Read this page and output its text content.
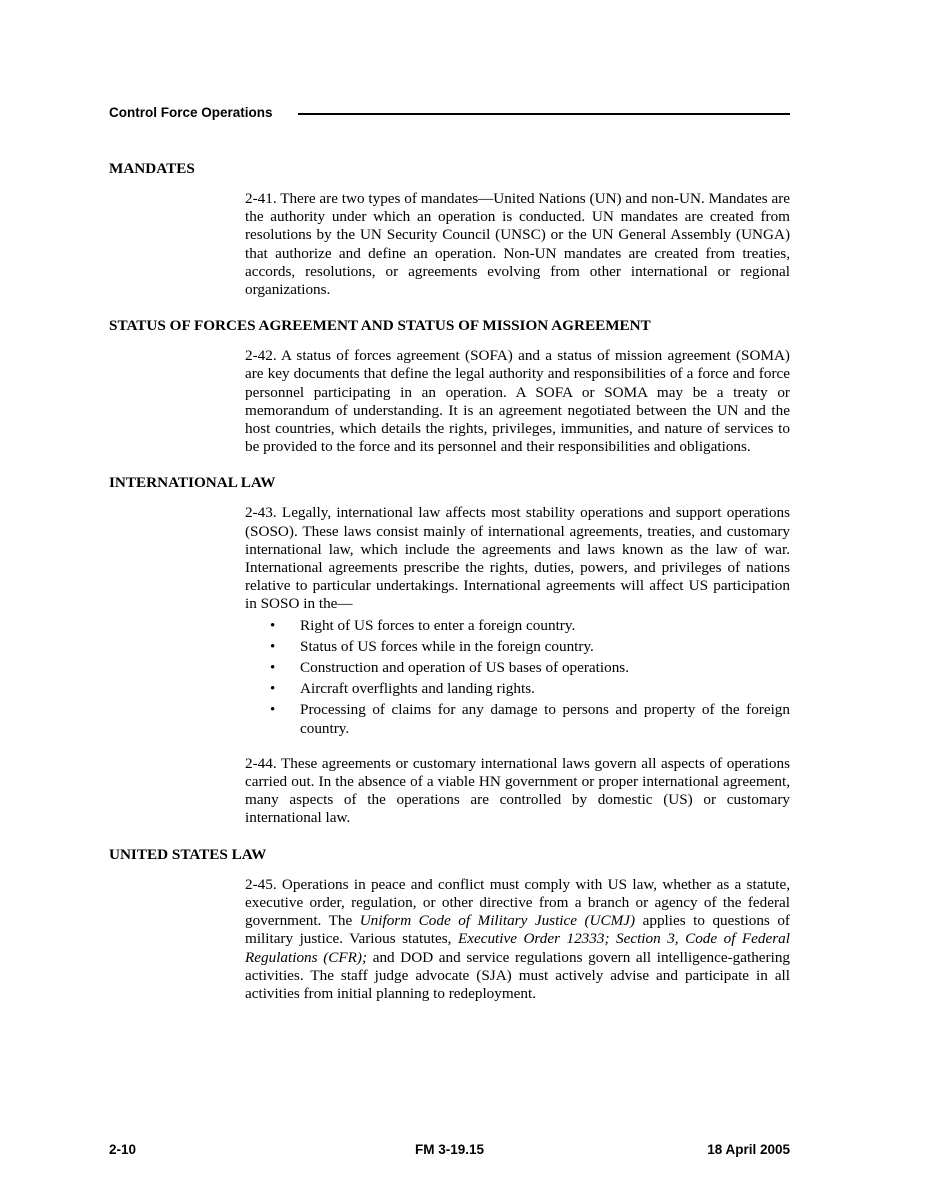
Control Force Operations
MANDATES

2-41. There are two types of mandates—United Nations (UN) and non-UN. Mandates are the authority under which an operation is conducted. UN mandates are created from resolutions by the UN Security Council (UNSC) or the UN General Assembly (UNGA) that authorize and define an operation. Non-UN mandates are created from treaties, accords, resolutions, or agreements evolving from other international or regional organizations.

STATUS OF FORCES AGREEMENT AND STATUS OF MISSION AGREEMENT

2-42. A status of forces agreement (SOFA) and a status of mission agreement (SOMA) are key documents that define the legal authority and responsibilities of a force and force personnel participating in an operation. A SOFA or SOMA may be a treaty or memorandum of understanding. It is an agreement negotiated between the UN and the host countries, which details the rights, privileges, immunities, and nature of services to be provided to the force and its personnel and their responsibilities and obligations.

INTERNATIONAL LAW

2-43. Legally, international law affects most stability operations and support operations (SOSO). These laws consist mainly of international agreements, treaties, and customary international law, which include the agreements and laws known as the law of war. International agreements prescribe the rights, duties, powers, and privileges of nations relative to particular undertakings. International agreements will affect US participation in SOSO in the—

• Right of US forces to enter a foreign country.
• Status of US forces while in the foreign country.
• Construction and operation of US bases of operations.
• Aircraft overflights and landing rights.
• Processing of claims for any damage to persons and property of the foreign country.

2-44. These agreements or customary international laws govern all aspects of operations carried out. In the absence of a viable HN government or proper international agreement, many aspects of the operations are controlled by domestic (US) or customary international law.

UNITED STATES LAW

2-45. Operations in peace and conflict must comply with US law, whether as a statute, executive order, regulation, or other directive from a branch or agency of the federal government. The Uniform Code of Military Justice (UCMJ) applies to questions of military justice. Various statutes, Executive Order 12333; Section 3, Code of Federal Regulations (CFR); and DOD and service regulations govern all intelligence-gathering activities. The staff judge advocate (SJA) must actively advise and participate in all activities from initial planning to redeployment.

2-10	FM 3-19.15	18 April 2005
